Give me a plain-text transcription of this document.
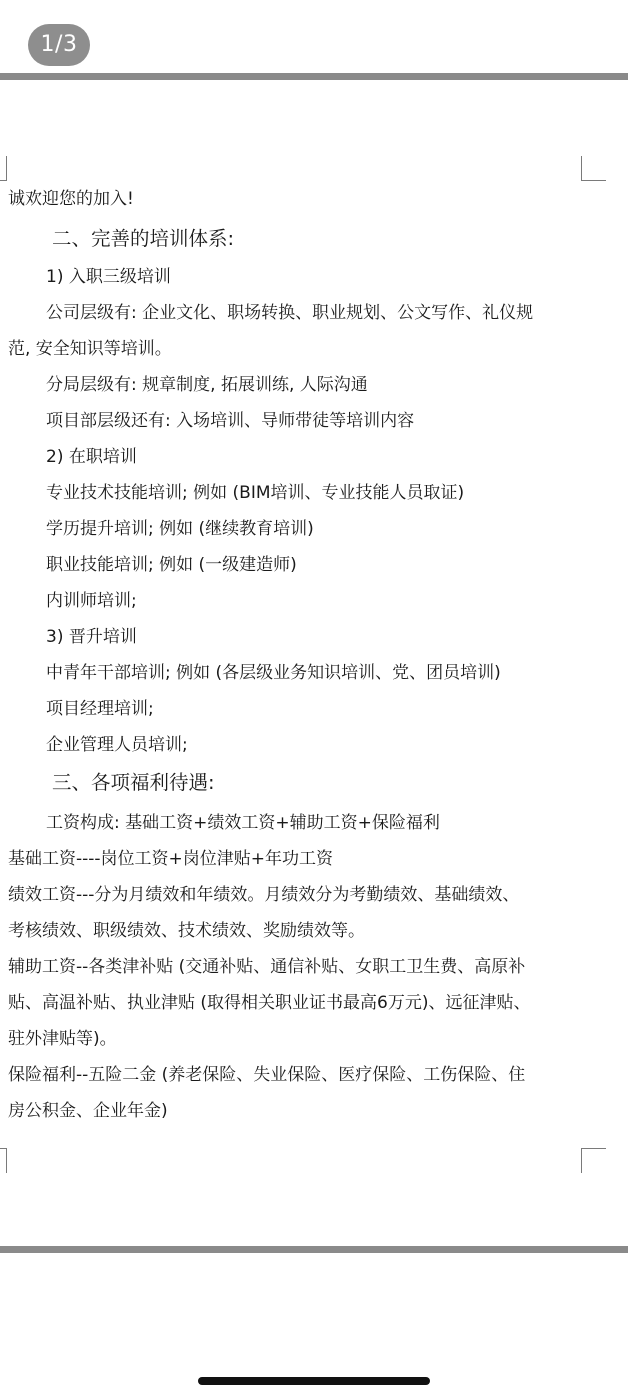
1/3
诚欢迎您的加入!
二、完善的培训体系:
1) 入职三级培训
公司层级有: 企业文化、职场转换、职业规划、公文写作、礼仪规
范, 安全知识等培训。
分局层级有: 规章制度, 拓展训练, 人际沟通
项目部层级还有: 入场培训、导师带徒等培训内容
2) 在职培训
专业技术技能培训; 例如 (BIM培训、专业技能人员取证)
学历提升培训; 例如 (继续教育培训)
职业技能培训; 例如 (一级建造师)
内训师培训;
3) 晋升培训
中青年干部培训; 例如 (各层级业务知识培训、党、团员培训)
项目经理培训;
企业管理人员培训;
三、各项福利待遇:
工资构成: 基础工资+绩效工资+辅助工资+保险福利
基础工资----岗位工资+岗位津贴+年功工资
绩效工资---分为月绩效和年绩效。月绩效分为考勤绩效、基础绩效、
考核绩效、职级绩效、技术绩效、奖励绩效等。
辅助工资--各类津补贴 (交通补贴、通信补贴、女职工卫生费、高原补
贴、高温补贴、执业津贴 (取得相关职业证书最高6万元)、远征津贴、
驻外津贴等)。
保险福利--五险二金 (养老保险、失业保险、医疗保险、工伤保险、住
房公积金、企业年金)
